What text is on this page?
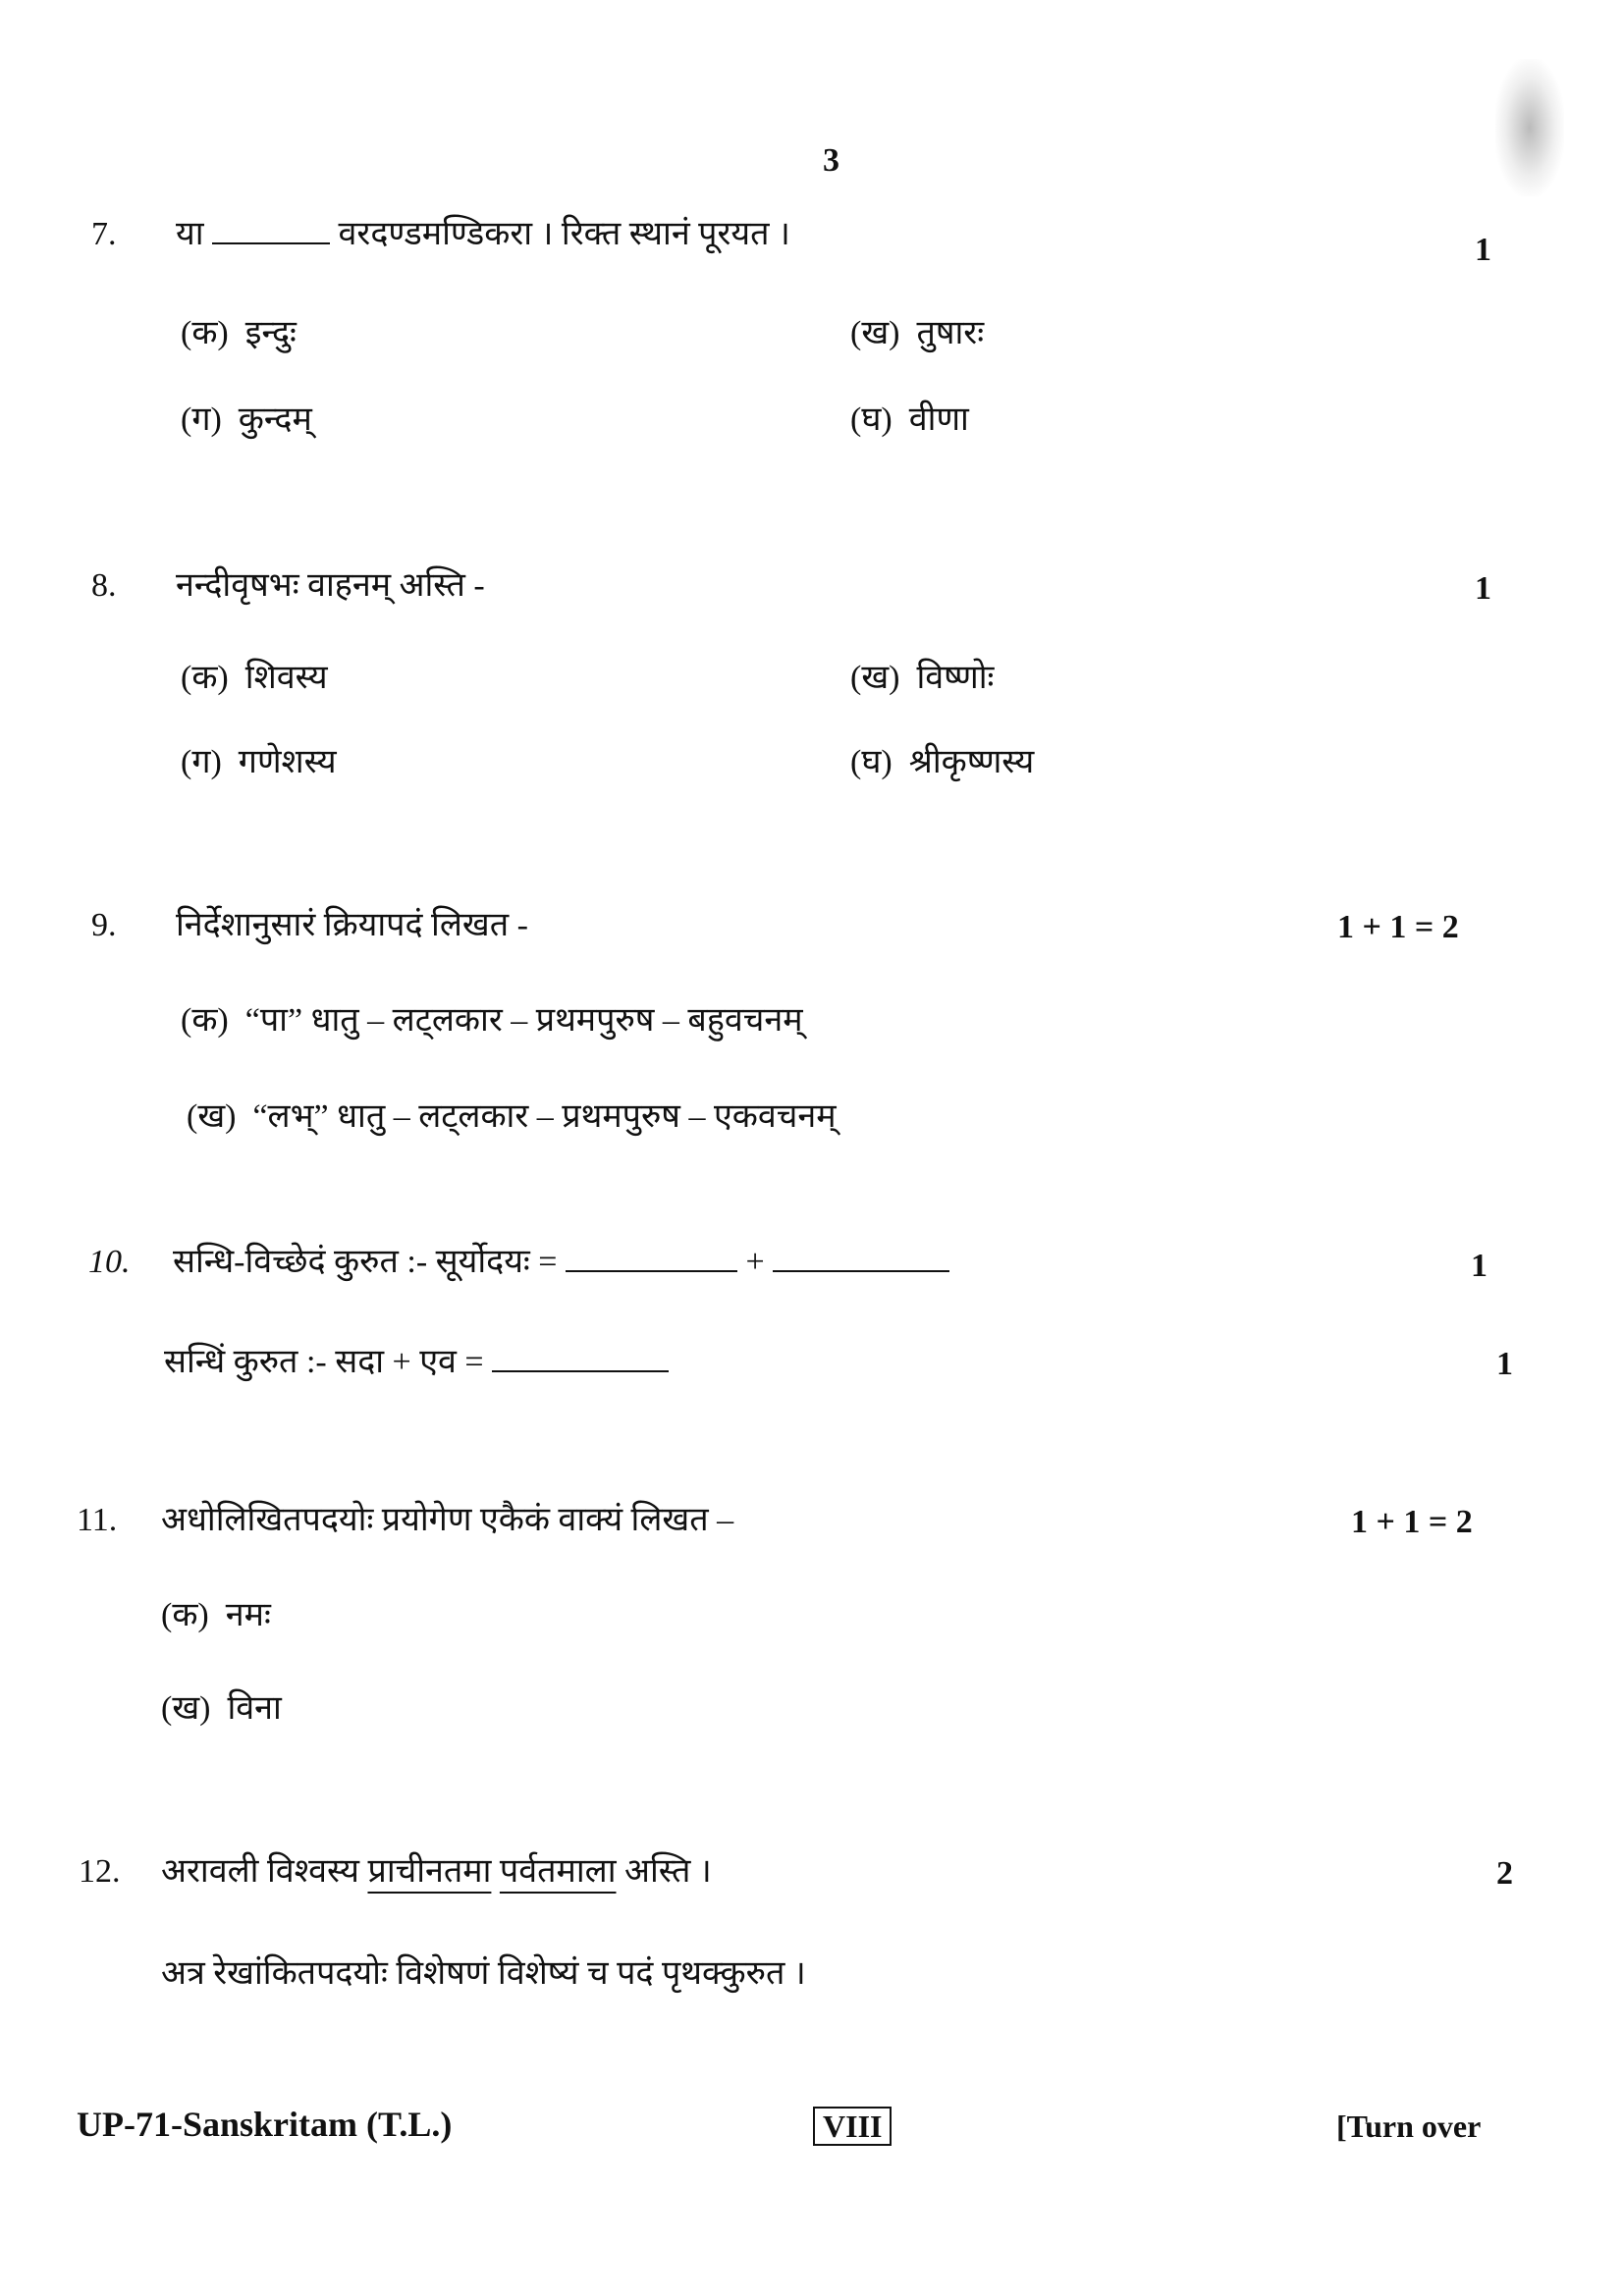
3
7. या	वरदण्डमण्डिकरा । रिक्त स्थानं पूरयत ।	1
(क) इन्दुः	(ख) तुषारः
(ग) कुन्दम्	(घ) वीणा
8. नन्दीवृषभः वाहनम् अस्ति -	1
(क) शिवस्य	(ख) विष्णोः
(ग) गणेशस्य	(घ) श्रीकृष्णस्य
9. निर्देशानुसारं क्रियापदं लिखत -	1 + 1 = 2
(क) “पा” धातु – लट्लकार – प्रथमपुरुष – बहुवचनम्
(ख) “लभ्” धातु – लट्लकार – प्रथमपुरुष – एकवचनम्
10. सन्धि-विच्छेदं कुरुत :- सूर्योदयः =	+	1
सन्धिं कुरुत :- सदा + एव =	1
11. अधोलिखितपदयोः प्रयोगेण एकैकं वाक्यं लिखत –	1 + 1 = 2
(क) नमः
(ख) विना
12. अरावली विश्वस्य प्राचीनतमा पर्वतमाला अस्ति ।	2
अत्र रेखांकितपदयोः विशेषणं विशेष्यं च पदं पृथक्कुरुत ।
UP-71-Sanskritam (T.L.)	VIII	[Turn over
